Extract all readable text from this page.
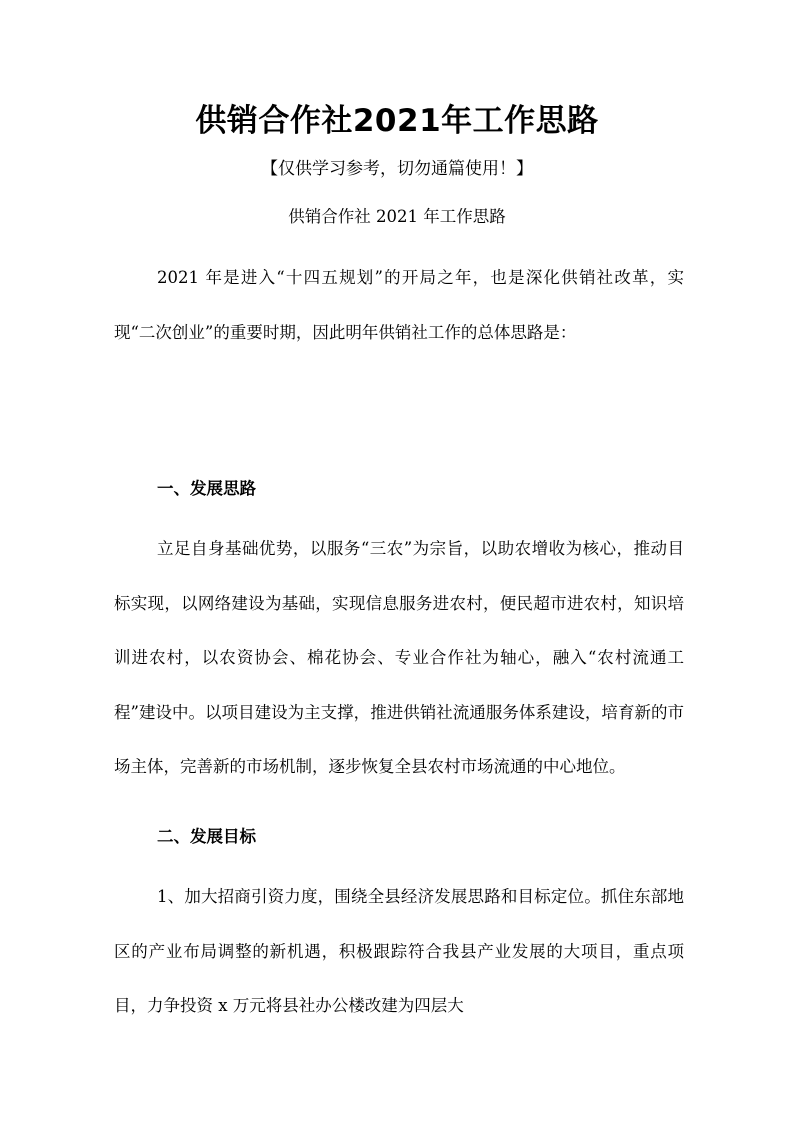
供销合作社2021年工作思路
【仅供学习参考，切勿通篇使用！】
供销合作社 2021 年工作思路
2021 年是进入“十四五规划”的开局之年，也是深化供销社改革，实现“二次创业”的重要时期，因此明年供销社工作的总体思路是：
一、发展思路
立足自身基础优势，以服务“三农”为宗旨，以助农增收为核心，推动目标实现，以网络建设为基础，实现信息服务进农村，便民超市进农村，知识培训进农村，以农资协会、棉花协会、专业合作社为轴心，融入“农村流通工程”建设中。以项目建设为主支撑，推进供销社流通服务体系建设，培育新的市场主体，完善新的市场机制，逐步恢复全县农村市场流通的中心地位。
二、发展目标
1、加大招商引资力度，围绕全县经济发展思路和目标定位。抓住东部地区的产业布局调整的新机遇，积极跟踪符合我县产业发展的大项目，重点项目，力争投资 x 万元将县社办公楼改建为四层大
